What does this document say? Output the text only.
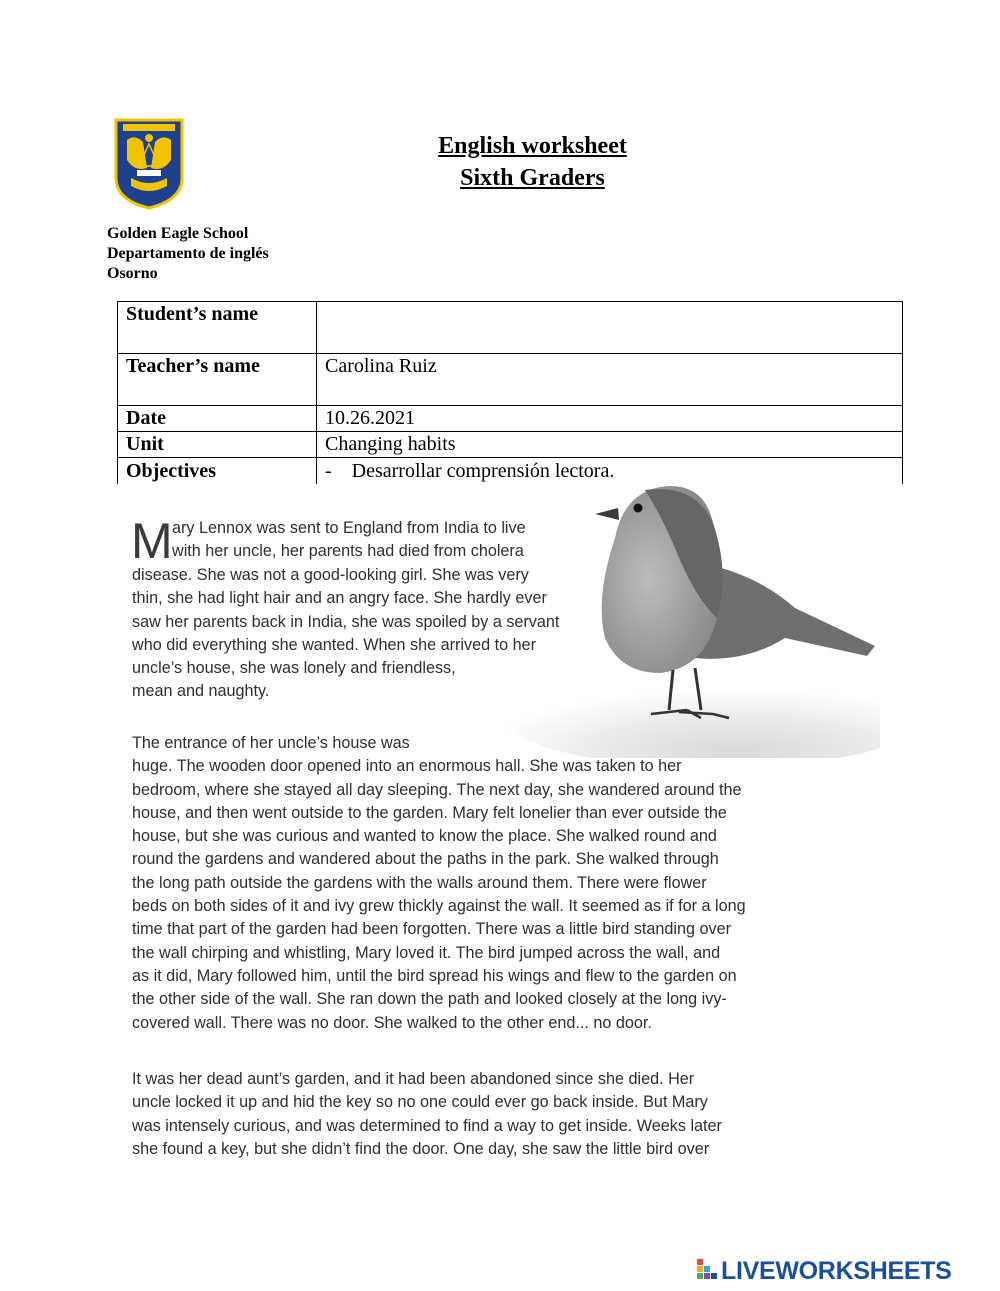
English worksheet
Sixth Graders
Golden Eagle School
Departamento de inglés
Osorno
Student’s name	
Teacher’s name	Carolina Ruiz
Date	10.26.2021
Unit	Changing habits
Objectives	-    Desarrollar comprensión lectora.
M ary Lennox was sent to England from India to live

with her uncle, her parents had died from cholera

disease. She was not a good-looking girl. She was very

thin, she had light hair and an angry face. She hardly ever

saw her parents back in India, she was spoiled by a servant

who did everything she wanted. When she arrived to her

uncle’s house, she was lonely and friendless,

mean and naughty.

The entrance of her uncle’s house was

huge. The wooden door opened into an enormous hall. She was taken to her

bedroom, where she stayed all day sleeping. The next day, she wandered around the

house, and then went outside to the garden. Mary felt lonelier than ever outside the

house, but she was curious and wanted to know the place. She walked round and

round the gardens and wandered about the paths in the park. She walked through

the long path outside the gardens with the walls around them. There were flower

beds on both sides of it and ivy grew thickly against the wall. It seemed as if for a long

time that part of the garden had been forgotten. There was a little bird standing over

the wall chirping and whistling, Mary loved it. The bird jumped across the wall, and

as it did, Mary followed him, until the bird spread his wings and flew to the garden on

the other side of the wall. She ran down the path and looked closely at the long ivy-

covered wall. There was no door. She walked to the other end... no door.

It was her dead aunt’s garden, and it had been abandoned since she died. Her

uncle locked it up and hid the key so no one could ever go back inside. But Mary

was intensely curious, and was determined to find a way to get inside. Weeks later

she found a key, but she didn’t find the door. One day, she saw the little bird over

LIVEWORKSHEETS
